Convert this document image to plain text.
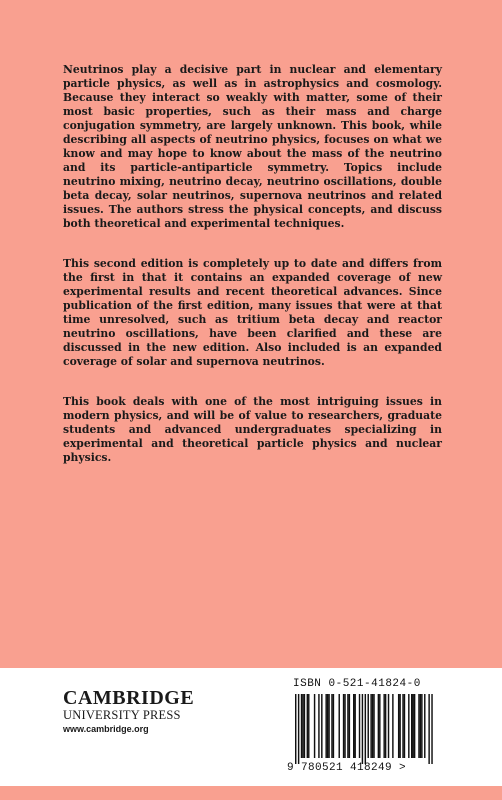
Neutrinos play a decisive part in nuclear and elementary particle physics, as well as in astrophysics and cosmology. Because they interact so weakly with matter, some of their most basic properties, such as their mass and charge conjugation symmetry, are largely unknown. This book, while describing all aspects of neutrino physics, focuses on what we know and may hope to know about the mass of the neutrino and its particle-antiparticle symmetry. Topics include neutrino mixing, neutrino decay, neutrino oscillations, double beta decay, solar neutrinos, supernova neutrinos and related issues. The authors stress the physical concepts, and discuss both theoretical and experimental techniques.

This second edition is completely up to date and differs from the first in that it contains an expanded coverage of new experimental results and recent theoretical advances. Since publication of the first edition, many issues that were at that time unresolved, such as tritium beta decay and reactor neutrino oscillations, have been clarified and these are discussed in the new edition. Also included is an expanded coverage of solar and supernova neutrinos.

This book deals with one of the most intriguing issues in modern physics, and will be of value to researchers, graduate students and advanced undergraduates specializing in experimental and theoretical particle physics and nuclear physics.

CAMBRIDGE
UNIVERSITY PRESS
www.cambridge.org
ISBN 0-521-41824-0
9 780521 418249 >
